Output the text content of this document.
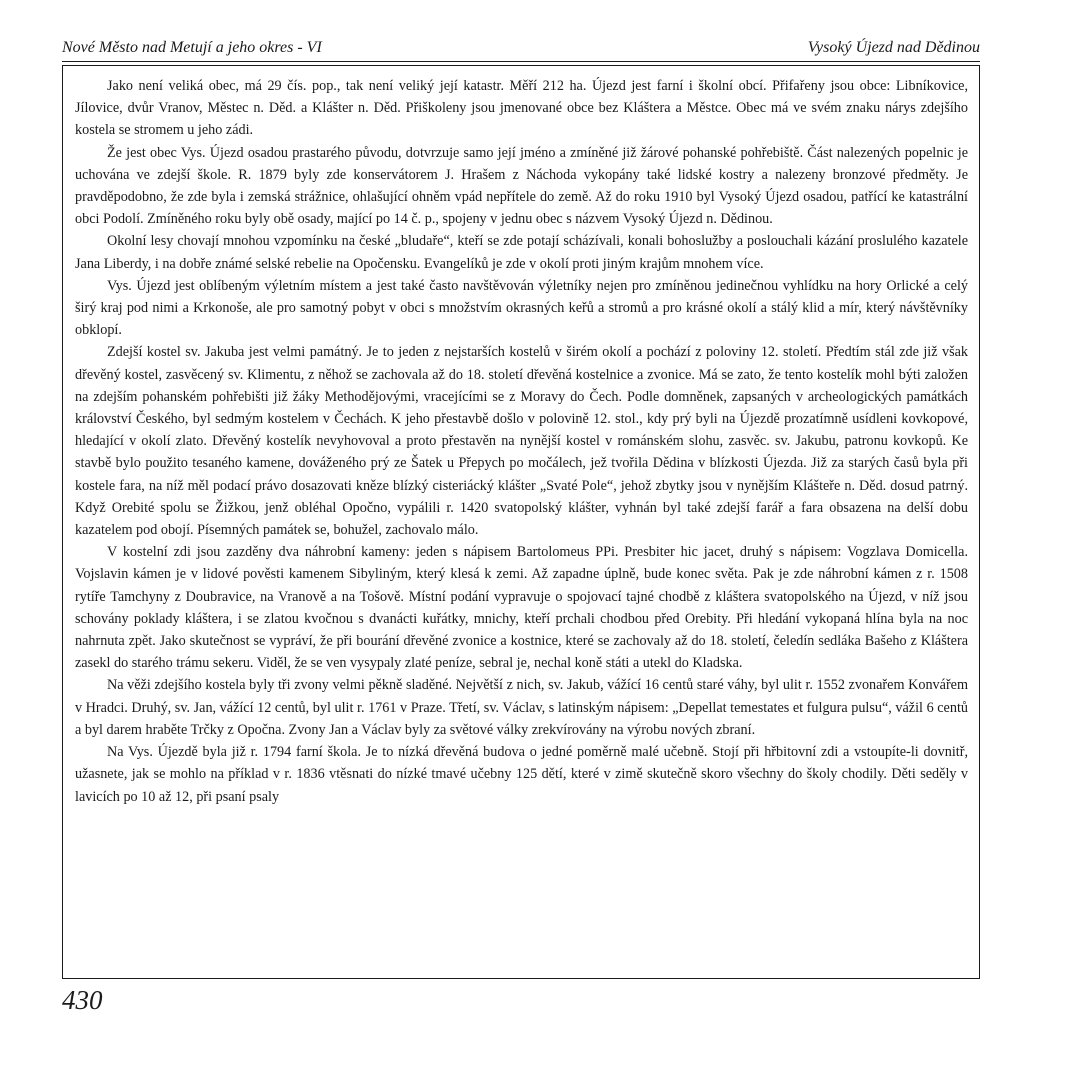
Nové Město nad Metují a jeho okres - VI	Vysoký Újezd nad Dědinou

Jako není veliká obec, má 29 čís. pop., tak není veliký její katastr. Měří 212 ha. Újezd jest farní i školní obcí. Přifařeny jsou obce: Libníkovice, Jílovice, dvůr Vranov, Městec n. Děd. a Klášter n. Děd. Přiškoleny jsou jmenované obce bez Kláštera a Městce. Obec má ve svém znaku nárys zdejšího kostela se stromem u jeho zádi.

Že jest obec Vys. Újezd osadou prastarého původu, dotvrzuje samo její jméno a zmíněné již žárové pohanské pohřebiště. Část nalezených popelnic je uchována ve zdejší škole. R. 1879 byly zde konservátorem J. Hrašem z Náchoda vykopány také lidské kostry a nalezeny bronzové předměty. Je pravděpodobno, že zde byla i zemská strážnice, ohlašující ohněm vpád nepřítele do země. Až do roku 1910 byl Vysoký Újezd osadou, patřící ke katastrální obci Podolí. Zmíněného roku byly obě osady, mající po 14 č. p., spojeny v jednu obec s názvem Vysoký Újezd n. Dědinou.

Okolní lesy chovají mnohou vzpomínku na české „bludaře“, kteří se zde potají scházívali, konali bohoslužby a poslouchali kázání proslulého kazatele Jana Liberdy, i na dobře známé selské rebelie na Opočensku. Evangelíků je zde v okolí proti jiným krajům mnohem více.

Vys. Újezd jest oblíbeným výletním místem a jest také často navštěvován výletníky nejen pro zmíněnou jedinečnou vyhlídku na hory Orlické a celý širý kraj pod nimi a Krkonoše, ale pro samotný pobyt v obci s množstvím okrasných keřů a stromů a pro krásné okolí a stálý klid a mír, který návštěvníky obklopí.

Zdejší kostel sv. Jakuba jest velmi památný. Je to jeden z nejstarších kostelů v širém okolí a pochází z poloviny 12. století. Předtím stál zde již však dřevěný kostel, zasvěcený sv. Klimentu, z něhož se zachovala až do 18. století dřevěná kostelnice a zvonice. Má se zato, že tento kostelík mohl býti založen na zdejším pohanském pohřebišti již žáky Methodějovými, vracejícími se z Moravy do Čech. Podle domněnek, zapsaných v archeologických památkách království Českého, byl sedmým kostelem v Čechách. K jeho přestavbě došlo v polovině 12. stol., kdy prý byli na Újezdě prozatímně usídleni kovkopové, hledající v okolí zlato. Dřevěný kostelík nevyhovoval a proto přestavěn na nynější kostel v románském slohu, zasvěc. sv. Jakubu, patronu kovkopů. Ke stavbě bylo použito tesaného kamene, dováženého prý ze Šatek u Přepych po močálech, jež tvořila Dědina v blízkosti Újezda. Již za starých časů byla při kostele fara, na níž měl podací právo dosazovati kněze blízký cisteriácký klášter „Svaté Pole“, jehož zbytky jsou v nynějším Klášteře n. Děd. dosud patrný. Když Orebité spolu se Žižkou, jenž obléhal Opočno, vypálili r. 1420 svatopolský klášter, vyhnán byl také zdejší farář a fara obsazena na delší dobu kazatelem pod obojí. Písemných památek se, bohužel, zachovalo málo.

V kostelní zdi jsou zazděny dva náhrobní kameny: jeden s nápisem Bartolomeus PPi. Presbiter hic jacet, druhý s nápisem: Vogzlava Domicella. Vojslavin kámen je v lidové pověsti kamenem Sibyliným, který klesá k zemi. Až zapadne úplně, bude konec světa. Pak je zde náhrobní kámen z r. 1508 rytíře Tamchyny z Doubravice, na Vranově a na Tošově. Místní podání vypravuje o spojovací tajné chodbě z kláštera svatopolského na Újezd, v níž jsou schovány poklady kláštera, i se zlatou kvočnou s dvanácti kuřátky, mnichy, kteří prchali chodbou před Orebity. Při hledání vykopaná hlína byla na noc nahrnuta zpět. Jako skutečnost se vypráví, že při bourání dřevěné zvonice a kostnice, které se zachovaly až do 18. století, čeledín sedláka Bašeho z Kláštera zasekl do starého trámu sekeru. Viděl, že se ven vysypaly zlaté peníze, sebral je, nechal koně státi a utekl do Kladska.

Na věži zdejšího kostela byly tři zvony velmi pěkně sladěné. Největší z nich, sv. Jakub, vážící 16 centů staré váhy, byl ulit r. 1552 zvonařem Konvářem v Hradci. Druhý, sv. Jan, vážící 12 centů, byl ulit r. 1761 v Praze. Třetí, sv. Václav, s latinským nápisem: „Depellat temestates et fulgura pulsu“, vážil 6 centů a byl darem hraběte Trčky z Opočna. Zvony Jan a Václav byly za světové války zrekvírovány na výrobu nových zbraní.

Na Vys. Újezdě byla již r. 1794 farní škola. Je to nízká dřevěná budova o jedné poměrně malé učebně. Stojí při hřbitovní zdi a vstoupíte-li dovnitř, užasnete, jak se mohlo na příklad v r. 1836 vtěsnati do nízké tmavé učebny 125 dětí, které v zimě skutečně skoro všechny do školy chodily. Děti seděly v lavicích po 10 až 12, při psaní psaly

430
